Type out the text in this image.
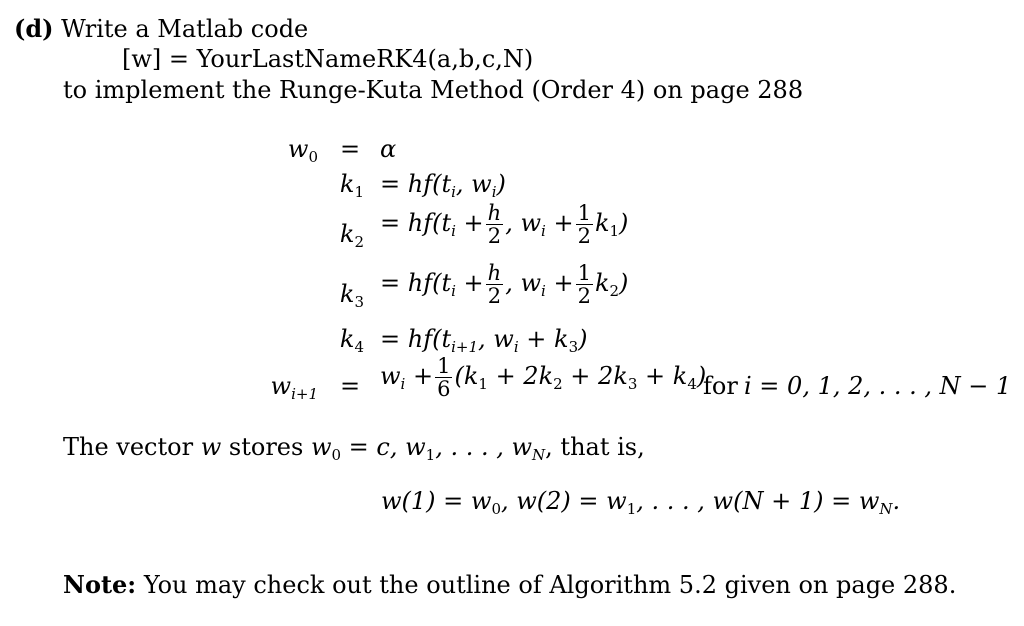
(d) Write a Matlab code
[w] = YourLastNameRK4(a,b,c,N)
to implement the Runge-Kuta Method (Order 4) on page 288
$w_0 = \alpha$
$k_1 = hf(t_i$, $w_i$)
$k_2$
= $hf(t_i + \frac{h}{2}$ , $w_i + \frac{1}{2} k_1$)
$k_3$
= $hf(t_i + \frac{h}{2}$ , $w_i + \frac{1}{2} k_2$)
$k_4 = hf(t_{i+1}$, $w_i + k_3$)
$w_{i+1} = w_i + \frac{1}{6} (k_1 + 2k_2 + 2k_3 + k_4)$
for i = 0, 1, 2, . . . , N − 1
The vector w stores $w_0 = c$, $w_1$, . . . , $w_N$, that is,
$w(1) = w_0$, $w(2) = w_1$, . . . , $w(N + 1) = w_N$.
Note: You may check out the outline of Algorithm 5.2 given on page 288.
